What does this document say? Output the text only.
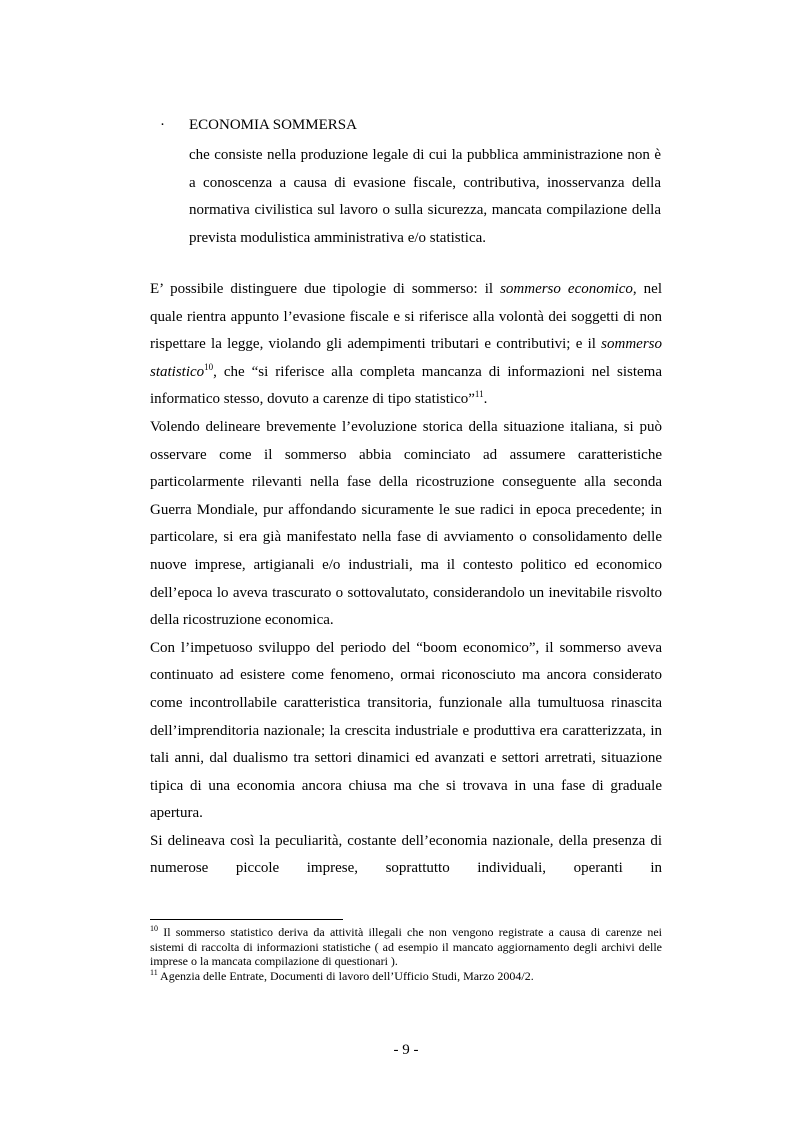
· ECONOMIA SOMMERSA
che consiste nella produzione legale di cui la pubblica amministrazione non è a conoscenza a causa di evasione fiscale, contributiva, inosservanza della normativa civilistica sul lavoro o sulla sicurezza, mancata compilazione della prevista modulistica amministrativa e/o statistica.

E’ possibile distinguere due tipologie di sommerso: il sommerso economico, nel quale rientra appunto l’evasione fiscale e si riferisce alla volontà dei soggetti di non rispettare la legge, violando gli adempimenti tributari e contributivi; e il sommerso statistico$^{10}$, che “si riferisce alla completa mancanza di informazioni nel sistema informatico stesso, dovuto a carenze di tipo statistico”$^{11}$.

Volendo delineare brevemente l’evoluzione storica della situazione italiana, si può osservare come il sommerso abbia cominciato ad assumere caratteristiche particolarmente rilevanti nella fase della ricostruzione conseguente alla seconda Guerra Mondiale, pur affondando sicuramente le sue radici in epoca precedente; in particolare, si era già manifestato nella fase di avviamento o consolidamento delle nuove imprese, artigianali e/o industriali, ma il contesto politico ed economico dell’epoca lo aveva trascurato o sottovalutato, considerandolo un inevitabile risvolto della ricostruzione economica.

Con l’impetuoso sviluppo del periodo del “boom economico”, il sommerso aveva continuato ad esistere come fenomeno, ormai riconosciuto ma ancora considerato come incontrollabile caratteristica transitoria, funzionale alla tumultuosa rinascita dell’imprenditoria nazionale; la crescita industriale e produttiva era caratterizzata, in tali anni, dal dualismo tra settori dinamici ed avanzati e settori arretrati, situazione tipica di una economia ancora chiusa ma che si trovava in una fase di graduale apertura.

Si delineava così la peculiarità, costante dell’economia nazionale, della presenza di numerose piccole imprese, soprattutto individuali, operanti in

$^{10}$ Il sommerso statistico deriva da attività illegali che non vengono registrate a causa di carenze nei sistemi di raccolta di informazioni statistiche ( ad esempio il mancato aggiornamento degli archivi delle imprese o la mancata compilazione di questionari ).

$^{11}$ Agenzia delle Entrate, Documenti di lavoro dell’Ufficio Studi, Marzo 2004/2.

- 9 -
